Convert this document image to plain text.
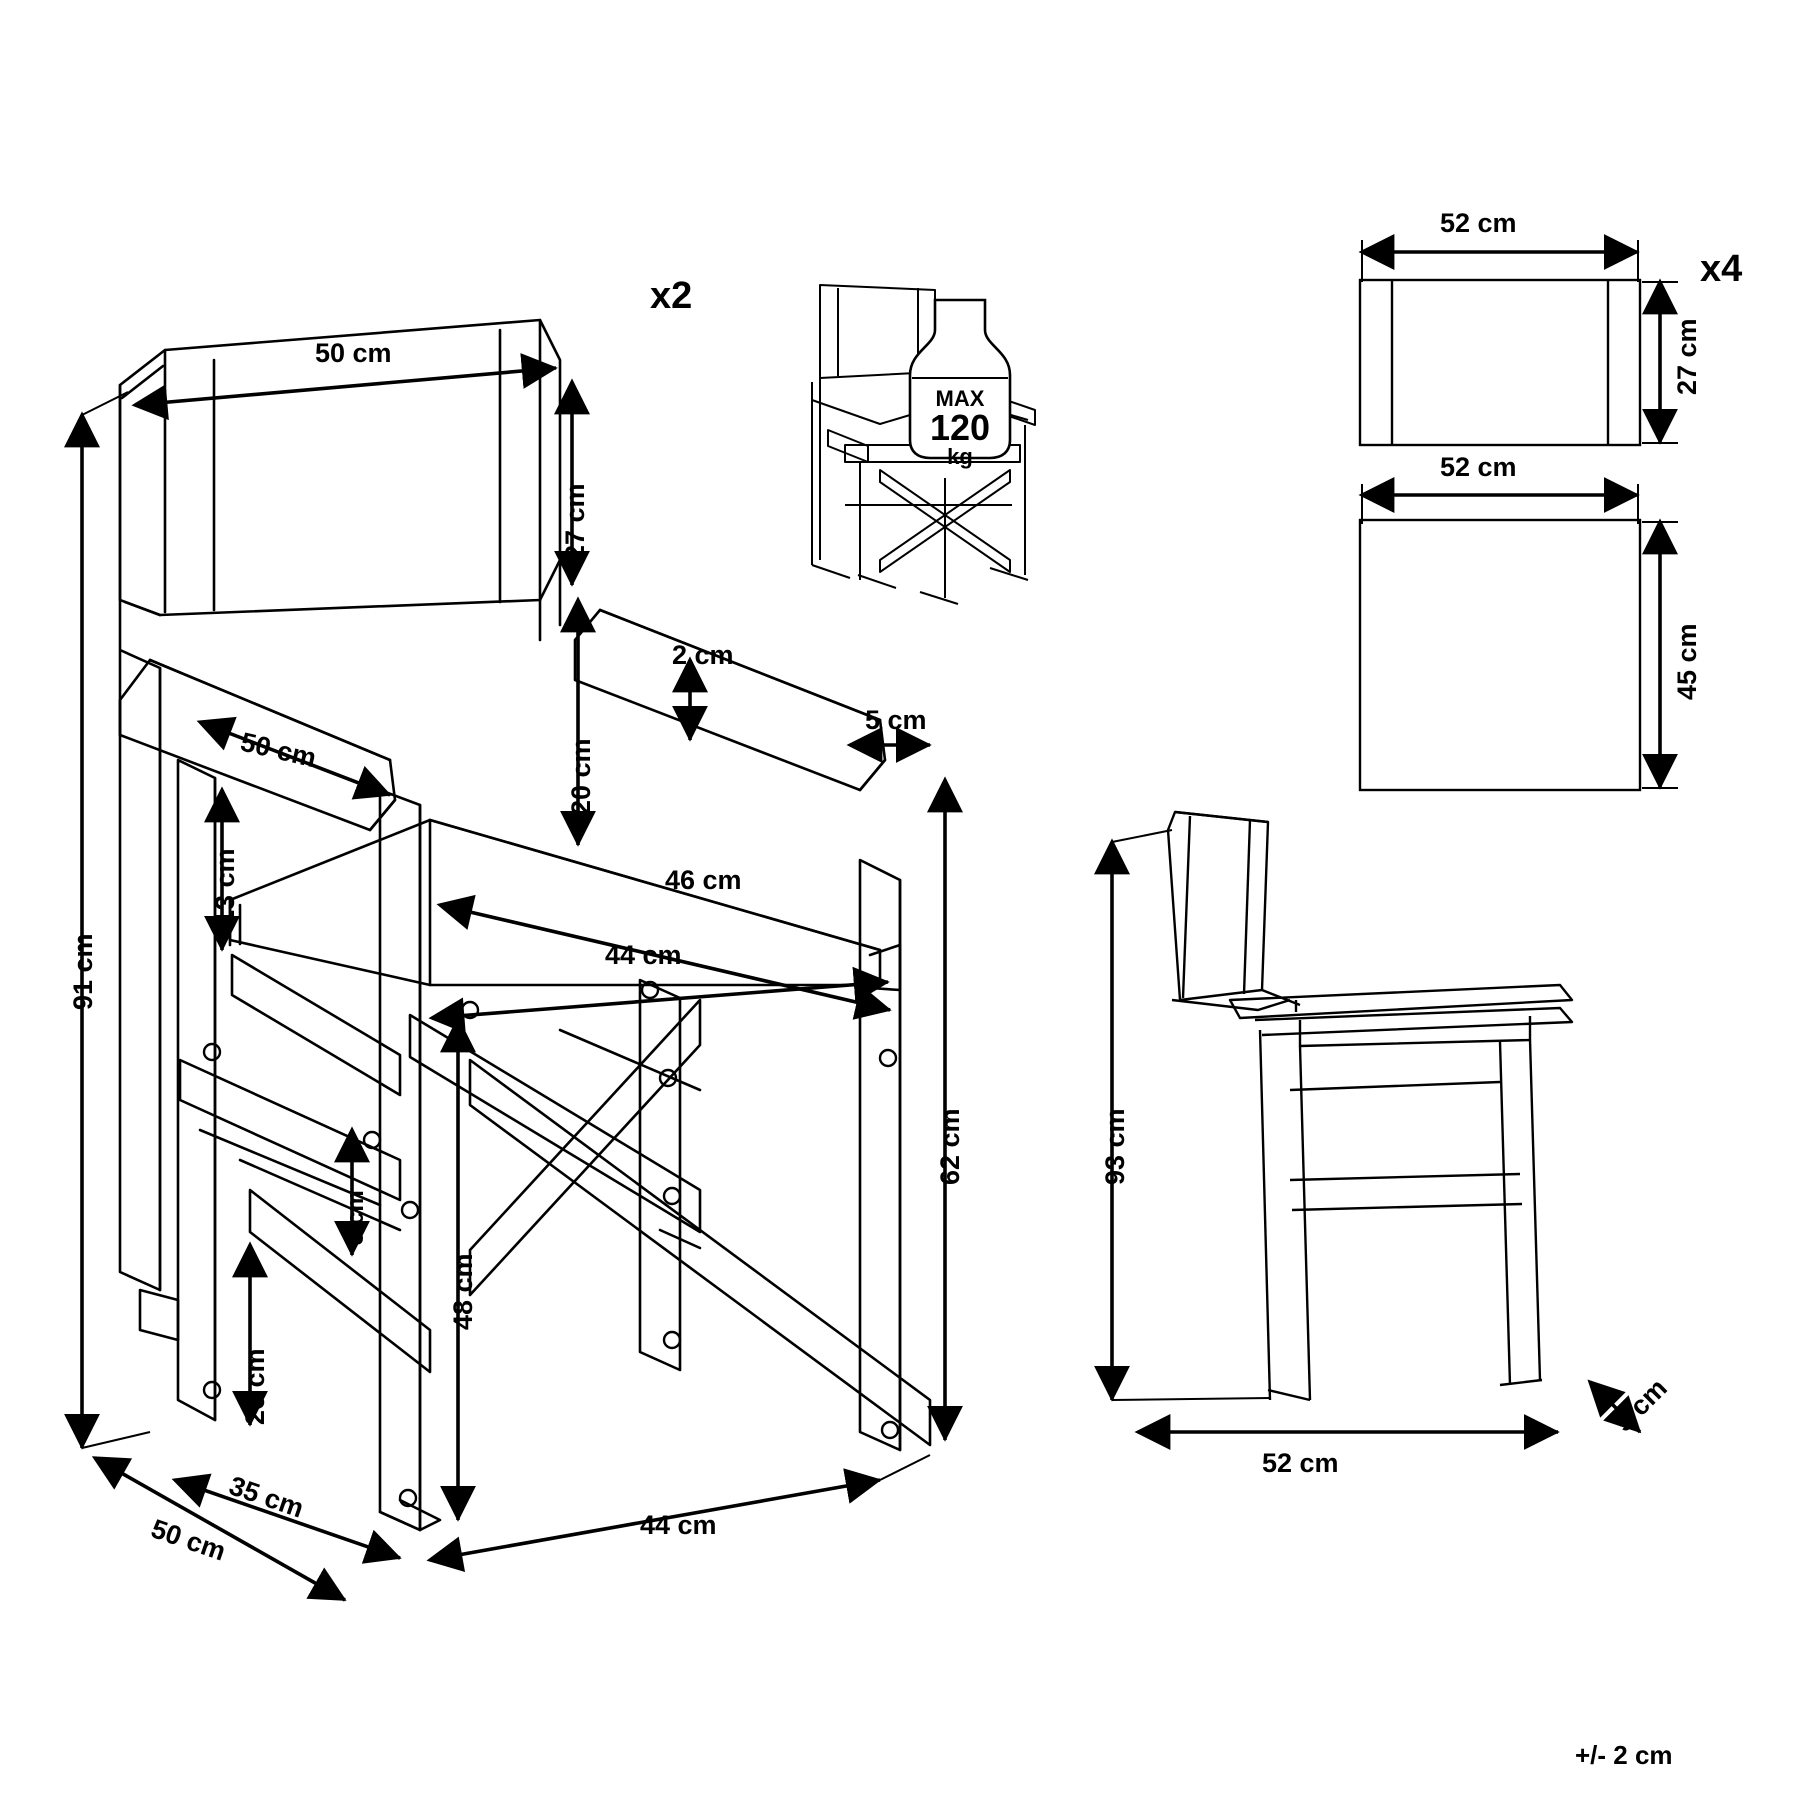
x2
x4
MAX
120
kg
50 cm
27 cm
20 cm
2 cm
5 cm
50 cm
13 cm	46 cm
44 cm
91 cm
62 cm
48 cm
3 cm
26 cm
35 cm
50 cm	44 cm
52 cm
27 cm
52 cm
45 cm
93 cm
52 cm
5 cm
+/- 2 cm
